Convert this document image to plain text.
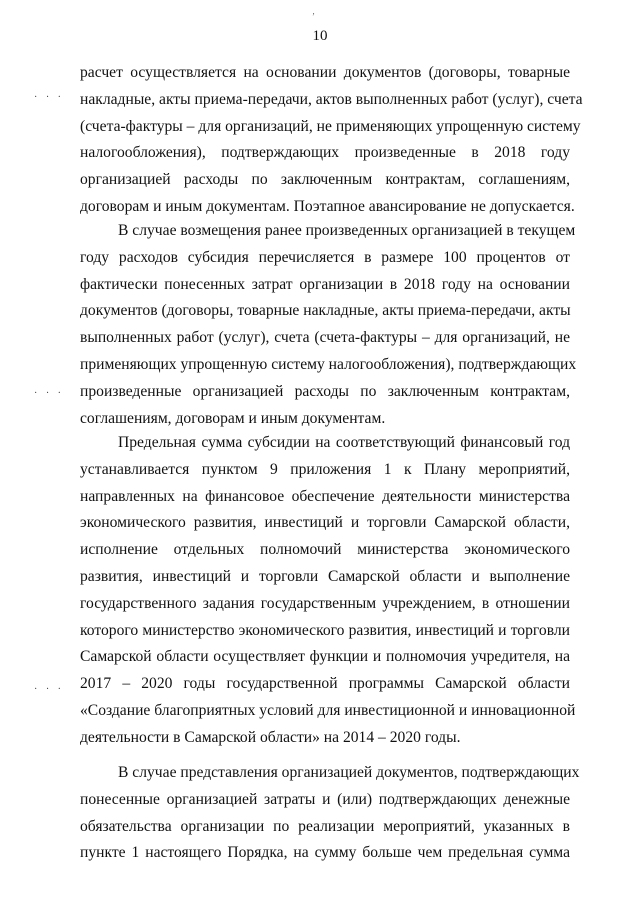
‚
10
· · ·
· · ·
· · ·
расчет осуществляется на основании документов (договоры, товарные
накладные, акты приема-передачи, актов выполненных работ (услуг), счета
(счета-фактуры – для организаций, не применяющих упрощенную систему
налогообложения), подтверждающих произведенные в 2018 году
организацией расходы по заключенным контрактам, соглашениям,
договорам и иным документам. Поэтапное авансирование не допускается.
В случае возмещения ранее произведенных организацией в текущем
году расходов субсидия перечисляется в размере 100 процентов от
фактически понесенных затрат организации в 2018 году на основании
документов (договоры, товарные накладные, акты приема-передачи, акты
выполненных работ (услуг), счета (счета-фактуры – для организаций, не
применяющих упрощенную систему налогообложения), подтверждающих
произведенные организацией расходы по заключенным контрактам,
соглашениям, договорам и иным документам.
Предельная сумма субсидии на соответствующий финансовый год
устанавливается пунктом 9 приложения 1 к Плану мероприятий,
направленных на финансовое обеспечение деятельности министерства
экономического развития, инвестиций и торговли Самарской области,
исполнение отдельных полномочий министерства экономического
развития, инвестиций и торговли Самарской области и выполнение
государственного задания государственным учреждением, в отношении
которого министерство экономического развития, инвестиций и торговли
Самарской области осуществляет функции и полномочия учредителя, на
2017 – 2020 годы государственной программы Самарской области
«Создание благоприятных условий для инвестиционной и инновационной
деятельности в Самарской области» на 2014 – 2020 годы.
В случае представления организацией документов, подтверждающих
понесенные организацией затраты и (или) подтверждающих денежные
обязательства организации по реализации мероприятий, указанных в
пункте 1 настоящего Порядка, на сумму больше чем предельная сумма
